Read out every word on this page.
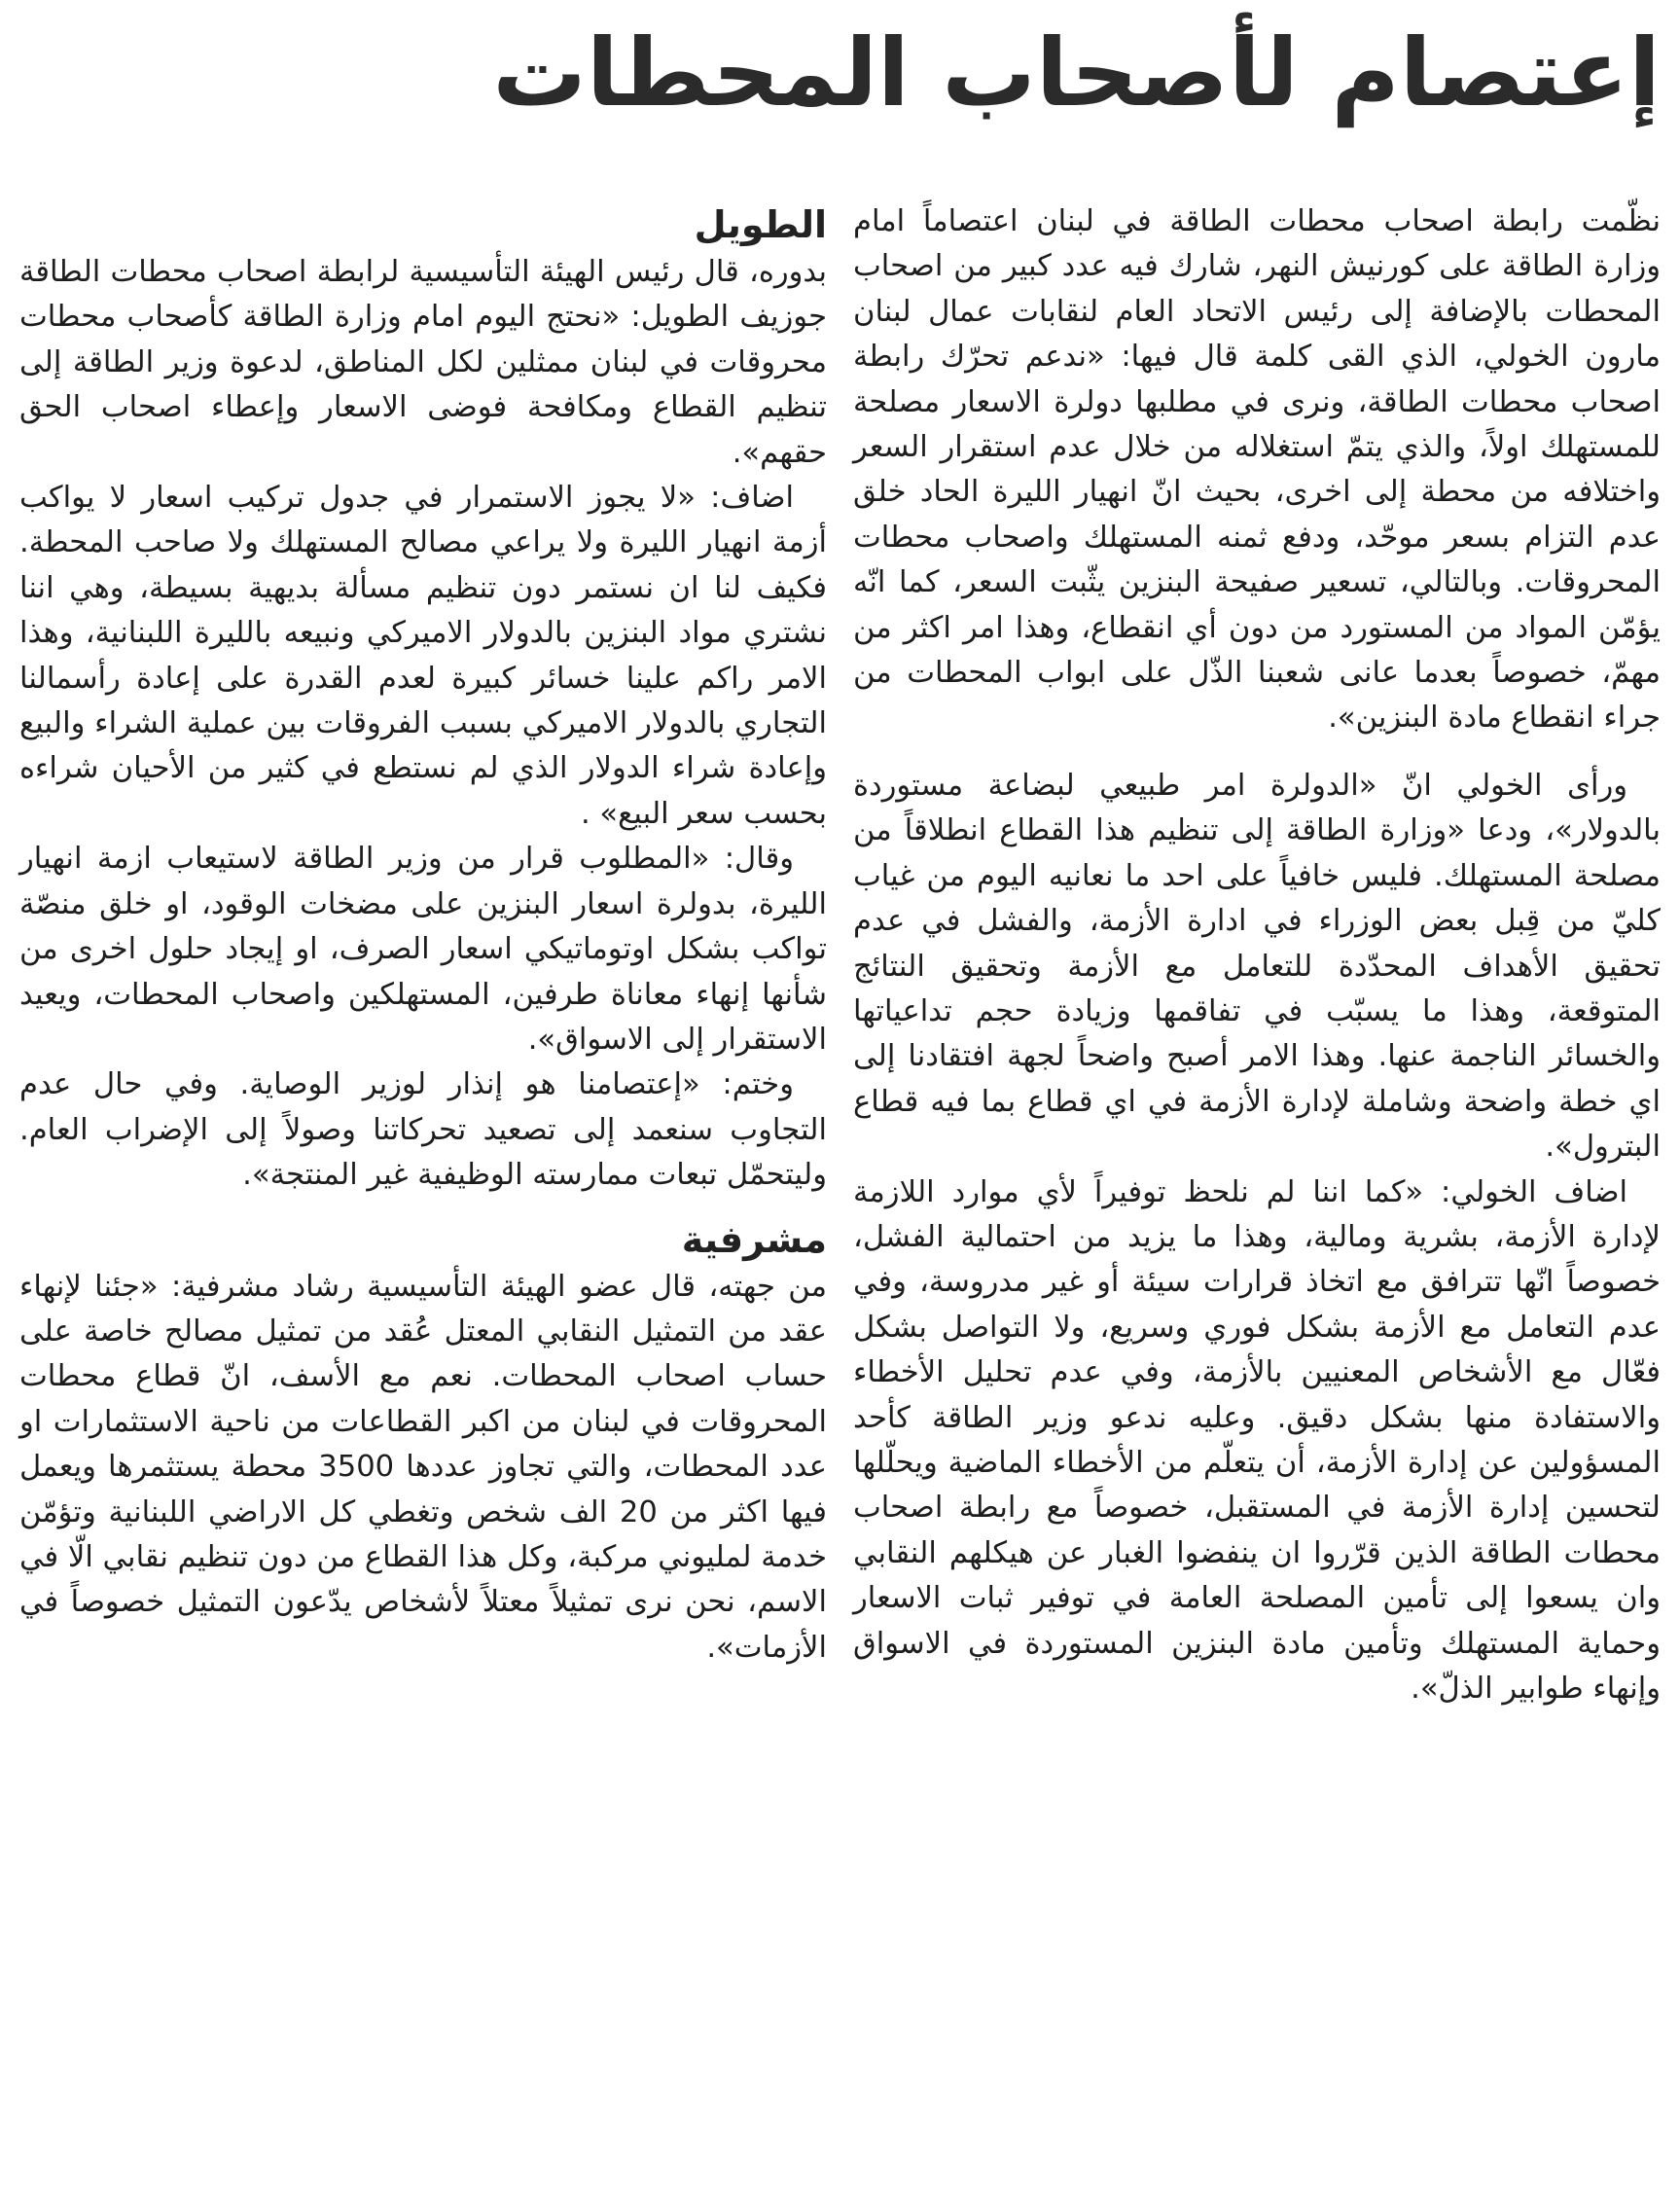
إعتصام لأصحاب المحطات

نظّمت رابطة اصحاب محطات الطاقة في لبنان اعتصاماً امام وزارة الطاقة على كورنيش النهر، شارك فيه عدد كبير من اصحاب المحطات بالإضافة إلى رئيس الاتحاد العام لنقابات عمال لبنان مارون الخولي، الذي القى كلمة قال فيها: «ندعم تحرّك رابطة اصحاب محطات الطاقة، ونرى في مطلبها دولرة الاسعار مصلحة للمستهلك اولاً، والذي يتمّ استغلاله من خلال عدم استقرار السعر واختلافه من محطة إلى اخرى، بحيث انّ انهيار الليرة الحاد خلق عدم التزام بسعر موحّد، ودفع ثمنه المستهلك واصحاب محطات المحروقات. وبالتالي، تسعير صفيحة البنزين يثّبت السعر، كما انّه يؤمّن المواد من المستورد من دون أي انقطاع، وهذا امر اكثر من مهمّ، خصوصاً بعدما عانى شعبنا الذّل على ابواب المحطات من جراء انقطاع مادة البنزين».

ورأى الخولي انّ «الدولرة امر طبيعي لبضاعة مستوردة بالدولار»، ودعا «وزارة الطاقة إلى تنظيم هذا القطاع انطلاقاً من مصلحة المستهلك. فليس خافياً على احد ما نعانيه اليوم من غياب كليّ من قِبل بعض الوزراء في ادارة الأزمة، والفشل في عدم تحقيق الأهداف المحدّدة للتعامل مع الأزمة وتحقيق النتائج المتوقعة، وهذا ما يسبّب في تفاقمها وزيادة حجم تداعياتها والخسائر الناجمة عنها. وهذا الامر أصبح واضحاً لجهة افتقادنا إلى اي خطة واضحة وشاملة لإدارة الأزمة في اي قطاع بما فيه قطاع البترول».

اضاف الخولي: «كما اننا لم نلحظ توفيراً لأي موارد اللازمة لإدارة الأزمة، بشرية ومالية، وهذا ما يزيد من احتمالية الفشل، خصوصاً انّها تترافق مع اتخاذ قرارات سيئة أو غير مدروسة، وفي عدم التعامل مع الأزمة بشكل فوري وسريع، ولا التواصل بشكل فعّال مع الأشخاص المعنيين بالأزمة، وفي عدم تحليل الأخطاء والاستفادة منها بشكل دقيق. وعليه ندعو وزير الطاقة كأحد المسؤولين عن إدارة الأزمة، أن يتعلّم من الأخطاء الماضية ويحلّلها لتحسين إدارة الأزمة في المستقبل، خصوصاً مع رابطة اصحاب محطات الطاقة الذين قرّروا ان ينفضوا الغبار عن هيكلهم النقابي وان يسعوا إلى تأمين المصلحة العامة في توفير ثبات الاسعار وحماية المستهلك وتأمين مادة البنزين المستوردة في الاسواق وإنهاء طوابير الذلّ».

الطويل

بدوره، قال رئيس الهيئة التأسيسية لرابطة اصحاب محطات الطاقة جوزيف الطويل: «نحتج اليوم امام وزارة الطاقة كأصحاب محطات محروقات في لبنان ممثلين لكل المناطق، لدعوة وزير الطاقة إلى تنظيم القطاع ومكافحة فوضى الاسعار وإعطاء اصحاب الحق حقهم».

اضاف: «لا يجوز الاستمرار في جدول تركيب اسعار لا يواكب أزمة انهيار الليرة ولا يراعي مصالح المستهلك ولا صاحب المحطة. فكيف لنا ان نستمر دون تنظيم مسألة بديهية بسيطة، وهي اننا نشتري مواد البنزين بالدولار الاميركي ونبيعه بالليرة اللبنانية، وهذا الامر راكم علينا خسائر كبيرة لعدم القدرة على إعادة رأسمالنا التجاري بالدولار الاميركي بسبب الفروقات بين عملية الشراء والبيع وإعادة شراء الدولار الذي لم نستطع في كثير من الأحيان شراءه بحسب سعر البيع» .

وقال: «المطلوب قرار من وزير الطاقة لاستيعاب ازمة انهيار الليرة، بدولرة اسعار البنزين على مضخات الوقود، او خلق منصّة تواكب بشكل اوتوماتيكي اسعار الصرف، او إيجاد حلول اخرى من شأنها إنهاء معاناة طرفين، المستهلكين واصحاب المحطات، ويعيد الاستقرار إلى الاسواق».

وختم: «إعتصامنا هو إنذار لوزير الوصاية. وفي حال عدم التجاوب سنعمد إلى تصعيد تحركاتنا وصولاً إلى الإضراب العام. وليتحمّل تبعات ممارسته الوظيفية غير المنتجة».

مشرفية

من جهته، قال عضو الهيئة التأسيسية رشاد مشرفية: «جئنا لإنهاء عقد من التمثيل النقابي المعتل عُقد من تمثيل مصالح خاصة على حساب اصحاب المحطات. نعم مع الأسف، انّ قطاع محطات المحروقات في لبنان من اكبر القطاعات من ناحية الاستثمارات او عدد المحطات، والتي تجاوز عددها 3500 محطة يستثمرها ويعمل فيها اكثر من 20 الف شخص وتغطي كل الاراضي اللبنانية وتؤمّن خدمة لمليوني مركبة، وكل هذا القطاع من دون تنظيم نقابي الّا في الاسم، نحن نرى تمثيلاً معتلاً لأشخاص يدّعون التمثيل خصوصاً في الأزمات».
